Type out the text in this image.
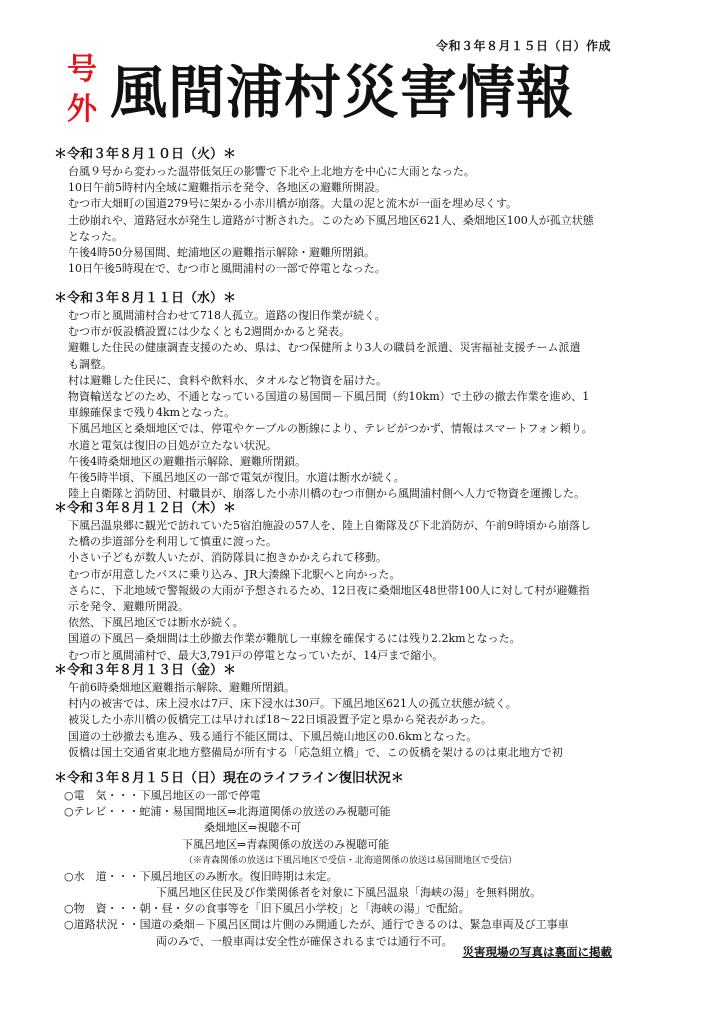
令和３年８月１５日（日）作成
号
外 風間浦村災害情報
＊令和３年８月１０日（火）＊
台風９号から変わった温帯低気圧の影響で下北や上北地方を中心に大雨となった。
10日午前5時村内全域に避難指示を発令、各地区の避難所開設。
むつ市大畑町の国道279号に架かる小赤川橋が崩落。大量の泥と流木が一面を埋め尽くす。
土砂崩れや、道路冠水が発生し道路が寸断された。このため下風呂地区621人、桑畑地区100人が孤立状態
となった。
午後4時50分易国間、蛇浦地区の避難指示解除・避難所閉鎖。
10日午後5時現在で、むつ市と風間浦村の一部で停電となった。
＊令和３年８月１１日（水）＊
むつ市と風間浦村合わせて718人孤立。道路の復旧作業が続く。
むつ市が仮設橋設置には少なくとも2週間かかると発表。
避難した住民の健康調査支援のため、県は、むつ保健所より3人の職員を派遣、災害福祉支援チーム派遣
も調整。
村は避難した住民に、食料や飲料水、タオルなど物資を届けた。
物資輸送などのため、不通となっている国道の易国間－下風呂間（約10km）で土砂の撤去作業を進め、1
車線確保まで残り4kmとなった。
下風呂地区と桑畑地区では、停電やケーブルの断線により、テレビがつかず、情報はスマートフォン頼り。
水道と電気は復旧の目処が立たない状況。
午後4時桑畑地区の避難指示解除、避難所閉鎖。
午後5時半頃、下風呂地区の一部で電気が復旧。水道は断水が続く。
陸上自衛隊と消防団、村職員が、崩落した小赤川橋のむつ市側から風間浦村側へ人力で物資を運搬した。
＊令和３年８月１２日（木）＊
下風呂温泉郷に観光で訪れていた5宿泊施設の57人を、陸上自衛隊及び下北消防が、午前9時頃から崩落し
た橋の歩道部分を利用して慎重に渡った。
小さい子どもが数人いたが、消防隊員に抱きかかえられて移動。
むつ市が用意したバスに乗り込み、JR大湊線下北駅へと向かった。
さらに、下北地域で警報級の大雨が予想されるため、12日夜に桑畑地区48世帯100人に対して村が避難指
示を発令、避難所開設。
依然、下風呂地区では断水が続く。
国道の下風呂－桑畑間は土砂撤去作業が難航し一車線を確保するには残り2.2kmとなった。
むつ市と風間浦村で、最大3,791戸の停電となっていたが、14戸まで縮小。
＊令和３年８月１３日（金）＊
午前6時桑畑地区避難指示解除、避難所閉鎖。
村内の被害では、床上浸水は7戸、床下浸水は30戸。下風呂地区621人の孤立状態が続く。
被災した小赤川橋の仮橋完工は早ければ18～22日頃設置予定と県から発表があった。
国道の土砂撤去も進み、残る通行不能区間は、下風呂焼山地区の0.6kmとなった。
仮橋は国土交通省東北地方整備局が所有する「応急組立橋」で、この仮橋を架けるのは東北地方で初
＊令和３年８月１５日（日）現在のライフライン復旧状況＊
○電　気・・・下風呂地区の一部で停電
○テレビ・・・蛇浦・易国間地区⇒北海道関係の放送のみ視聴可能
桑畑地区⇒視聴不可
下風呂地区⇒青森関係の放送のみ視聴可能
（※青森関係の放送は下風呂地区で受信・北海道関係の放送は易国間地区で受信）
○水　道・・・下風呂地区のみ断水。復旧時期は未定。
下風呂地区住民及び作業関係者を対象に下風呂温泉「海峡の湯」を無料開放。
○物　資・・・朝・昼・夕の食事等を「旧下風呂小学校」と「海峡の湯」で配給。
○道路状況・・国道の桑畑－下風呂区間は片側のみ開通したが、通行できるのは、緊急車両及び工事車
両のみで、一般車両は安全性が確保されるまでは通行不可。
災害現場の写真は裏面に掲載
